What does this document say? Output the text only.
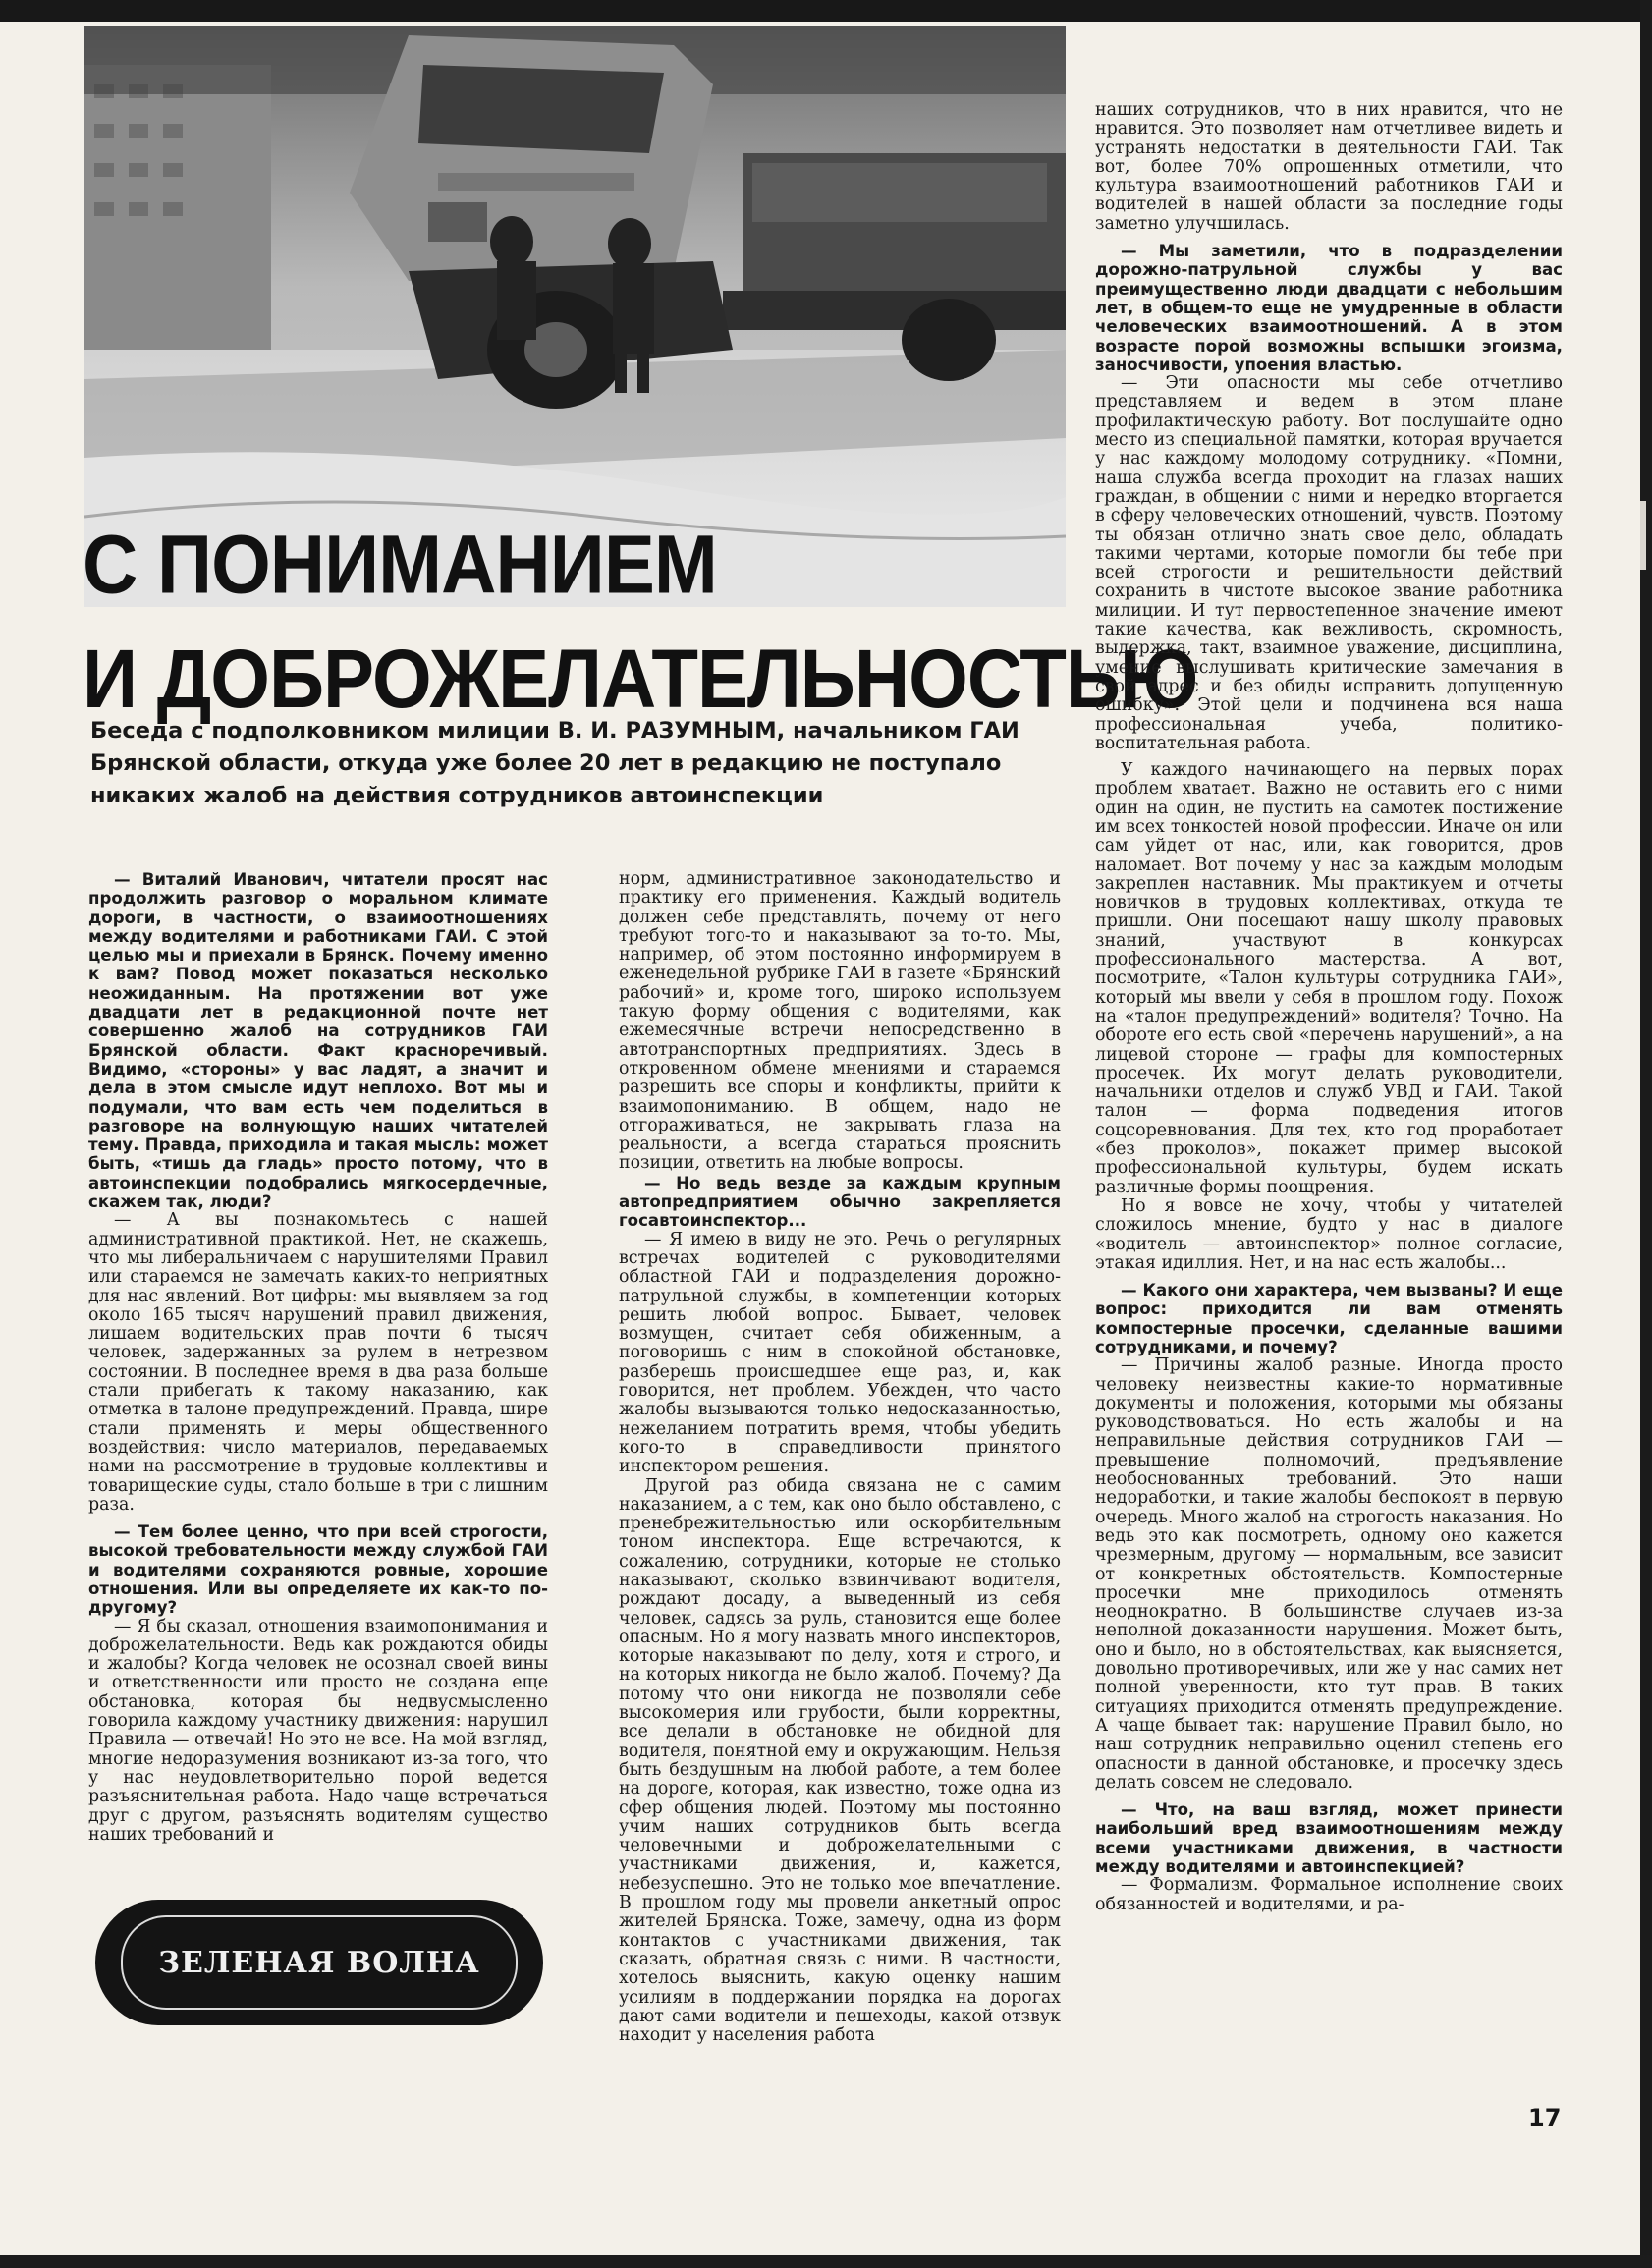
С ПОНИМАНИЕМ
И ДОБРОЖЕЛАТЕЛЬНОСТЬЮ

Беседа с подполковником милиции В. И. РАЗУМНЫМ, начальником ГАИ Брянской области, откуда уже более 20 лет в редакцию не поступало никаких жалоб на действия сотрудников автоинспекции

— Виталий Иванович, читатели просят нас продолжить разговор о моральном климате дороги, в частности, о взаимоотношениях между водителями и работниками ГАИ. С этой целью мы и приехали в Брянск. Почему именно к вам? Повод может показаться несколько неожиданным. На протяжении вот уже двадцати лет в редакционной почте нет совершенно жалоб на сотрудников ГАИ Брянской области. Факт красноречивый. Видимо, «стороны» у вас ладят, а значит и дела в этом смысле идут неплохо. Вот мы и подумали, что вам есть чем поделиться в разговоре на волнующую наших читателей тему. Правда, приходила и такая мысль: может быть, «тишь да гладь» просто потому, что в автоинспекции подобрались мягкосердечные, скажем так, люди?

— А вы познакомьтесь с нашей административной практикой. Нет, не скажешь, что мы либеральничаем с нарушителями Правил или стараемся не замечать каких-то неприятных для нас явлений. Вот цифры: мы выявляем за год около 165 тысяч нарушений правил движения, лишаем водительских прав почти 6 тысяч человек, задержанных за рулем в нетрезвом состоянии. В последнее время в два раза больше стали прибегать к такому наказанию, как отметка в талоне предупреждений. Правда, шире стали применять и меры общественного воздействия: число материалов, передаваемых нами на рассмотрение в трудовые коллективы и товарищеские суды, стало больше в три с лишним раза.

— Тем более ценно, что при всей строгости, высокой требовательности между службой ГАИ и водителями сохраняются ровные, хорошие отношения. Или вы определяете их как-то по-другому?

— Я бы сказал, отношения взаимопонимания и доброжелательности. Ведь как рождаются обиды и жалобы? Когда человек не осознал своей вины и ответственности или просто не создана еще обстановка, которая бы недвусмысленно говорила каждому участнику движения: нарушил Правила — отвечай! Но это не все. На мой взгляд, многие недоразумения возникают из-за того, что у нас неудовлетворительно порой ведется разъяснительная работа. Надо чаще встречаться друг с другом, разъяснять водителям существо наших требований и

норм, административное законодательство и практику его применения. Каждый водитель должен себе представлять, почему от него требуют того-то и наказывают за то-то. Мы, например, об этом постоянно информируем в еженедельной рубрике ГАИ в газете «Брянский рабочий» и, кроме того, широко используем такую форму общения с водителями, как ежемесячные встречи непосредственно в автотранспортных предприятиях. Здесь в откровенном обмене мнениями и стараемся разрешить все споры и конфликты, прийти к взаимопониманию. В общем, надо не отгораживаться, не закрывать глаза на реальности, а всегда стараться прояснить позиции, ответить на любые вопросы.

— Но ведь везде за каждым крупным автопредприятием обычно закрепляется госавтоинспектор...

— Я имею в виду не это. Речь о регулярных встречах водителей с руководителями областной ГАИ и подразделения дорожно-патрульной службы, в компетенции которых решить любой вопрос. Бывает, человек возмущен, считает себя обиженным, а поговоришь с ним в спокойной обстановке, разберешь происшедшее еще раз, и, как говорится, нет проблем. Убежден, что часто жалобы вызываются только недосказанностью, нежеланием потратить время, чтобы убедить кого-то в справедливости принятого инспектором решения.

Другой раз обида связана не с самим наказанием, а с тем, как оно было обставлено, с пренебрежительностью или оскорбительным тоном инспектора. Еще встречаются, к сожалению, сотрудники, которые не столько наказывают, сколько взвинчивают водителя, рождают досаду, а выведенный из себя человек, садясь за руль, становится еще более опасным. Но я могу назвать много инспекторов, которые наказывают по делу, хотя и строго, и на которых никогда не было жалоб. Почему? Да потому что они никогда не позволяли себе высокомерия или грубости, были корректны, все делали в обстановке не обидной для водителя, понятной ему и окружающим. Нельзя быть бездушным на любой работе, а тем более на дороге, которая, как известно, тоже одна из сфер общения людей. Поэтому мы постоянно учим наших сотрудников быть всегда человечными и доброжелательными с участниками движения, и, кажется, небезуспешно. Это не только мое впечатление. В прошлом году мы провели анкетный опрос жителей Брянска. Тоже, замечу, одна из форм контактов с участниками движения, так сказать, обратная связь с ними. В частности, хотелось выяснить, какую оценку нашим усилиям в поддержании порядка на дорогах дают сами водители и пешеходы, какой отзвук находит у населения работа

наших сотрудников, что в них нравится, что не нравится. Это позволяет нам отчетливее видеть и устранять недостатки в деятельности ГАИ. Так вот, более 70% опрошенных отметили, что культура взаимоотношений работников ГАИ и водителей в нашей области за последние годы заметно улучшилась.

— Мы заметили, что в подразделении дорожно-патрульной службы у вас преимущественно люди двадцати с небольшим лет, в общем-то еще не умудренные в области человеческих взаимоотношений. А в этом возрасте порой возможны вспышки эгоизма, заносчивости, упоения властью.

— Эти опасности мы себе отчетливо представляем и ведем в этом плане профилактическую работу. Вот послушайте одно место из специальной памятки, которая вручается у нас каждому молодому сотруднику. «Помни, наша служба всегда проходит на глазах наших граждан, в общении с ними и нередко вторгается в сферу человеческих отношений, чувств. Поэтому ты обязан отлично знать свое дело, обладать такими чертами, которые помогли бы тебе при всей строгости и решительности действий сохранить в чистоте высокое звание работника милиции. И тут первостепенное значение имеют такие качества, как вежливость, скромность, выдержка, такт, взаимное уважение, дисциплина, умение выслушивать критические замечания в свой адрес и без обиды исправить допущенную ошибку». Этой цели и подчинена вся наша профессиональная учеба, политико-воспитательная работа.

У каждого начинающего на первых порах проблем хватает. Важно не оставить его с ними один на один, не пустить на самотек постижение им всех тонкостей новой профессии. Иначе он или сам уйдет от нас, или, как говорится, дров наломает. Вот почему у нас за каждым молодым закреплен наставник. Мы практикуем и отчеты новичков в трудовых коллективах, откуда те пришли. Они посещают нашу школу правовых знаний, участвуют в конкурсах профессионального мастерства. А вот, посмотрите, «Талон культуры сотрудника ГАИ», который мы ввели у себя в прошлом году. Похож на «талон предупреждений» водителя? Точно. На обороте его есть свой «перечень нарушений», а на лицевой стороне — графы для компостерных просечек. Их могут делать руководители, начальники отделов и служб УВД и ГАИ. Такой талон — форма подведения итогов соцсоревнования. Для тех, кто год проработает «без проколов», покажет пример высокой профессиональной культуры, будем искать различные формы поощрения.

Но я вовсе не хочу, чтобы у читателей сложилось мнение, будто у нас в диалоге «водитель — автоинспектор» полное согласие, этакая идиллия. Нет, и на нас есть жалобы...

— Какого они характера, чем вызваны? И еще вопрос: приходится ли вам отменять компостерные просечки, сделанные вашими сотрудниками, и почему?

— Причины жалоб разные. Иногда просто человеку неизвестны какие-то нормативные документы и положения, которыми мы обязаны руководствоваться. Но есть жалобы и на неправильные действия сотрудников ГАИ — превышение полномочий, предъявление необоснованных требований. Это наши недоработки, и такие жалобы беспокоят в первую очередь. Много жалоб на строгость наказания. Но ведь это как посмотреть, одному оно кажется чрезмерным, другому — нормальным, все зависит от конкретных обстоятельств. Компостерные просечки мне приходилось отменять неоднократно. В большинстве случаев из-за неполной доказанности нарушения. Может быть, оно и было, но в обстоятельствах, как выясняется, довольно противоречивых, или же у нас самих нет полной уверенности, кто тут прав. В таких ситуациях приходится отменять предупреждение. А чаще бывает так: нарушение Правил было, но наш сотрудник неправильно оценил степень его опасности в данной обстановке, и просечку здесь делать совсем не следовало.

— Что, на ваш взгляд, может принести наибольший вред взаимоотношениям между всеми участниками движения, в частности между водителями и автоинспекцией?

— Формализм. Формальное исполнение своих обязанностей и водителями, и ра-

ЗЕЛЕНАЯ ВОЛНА
17
